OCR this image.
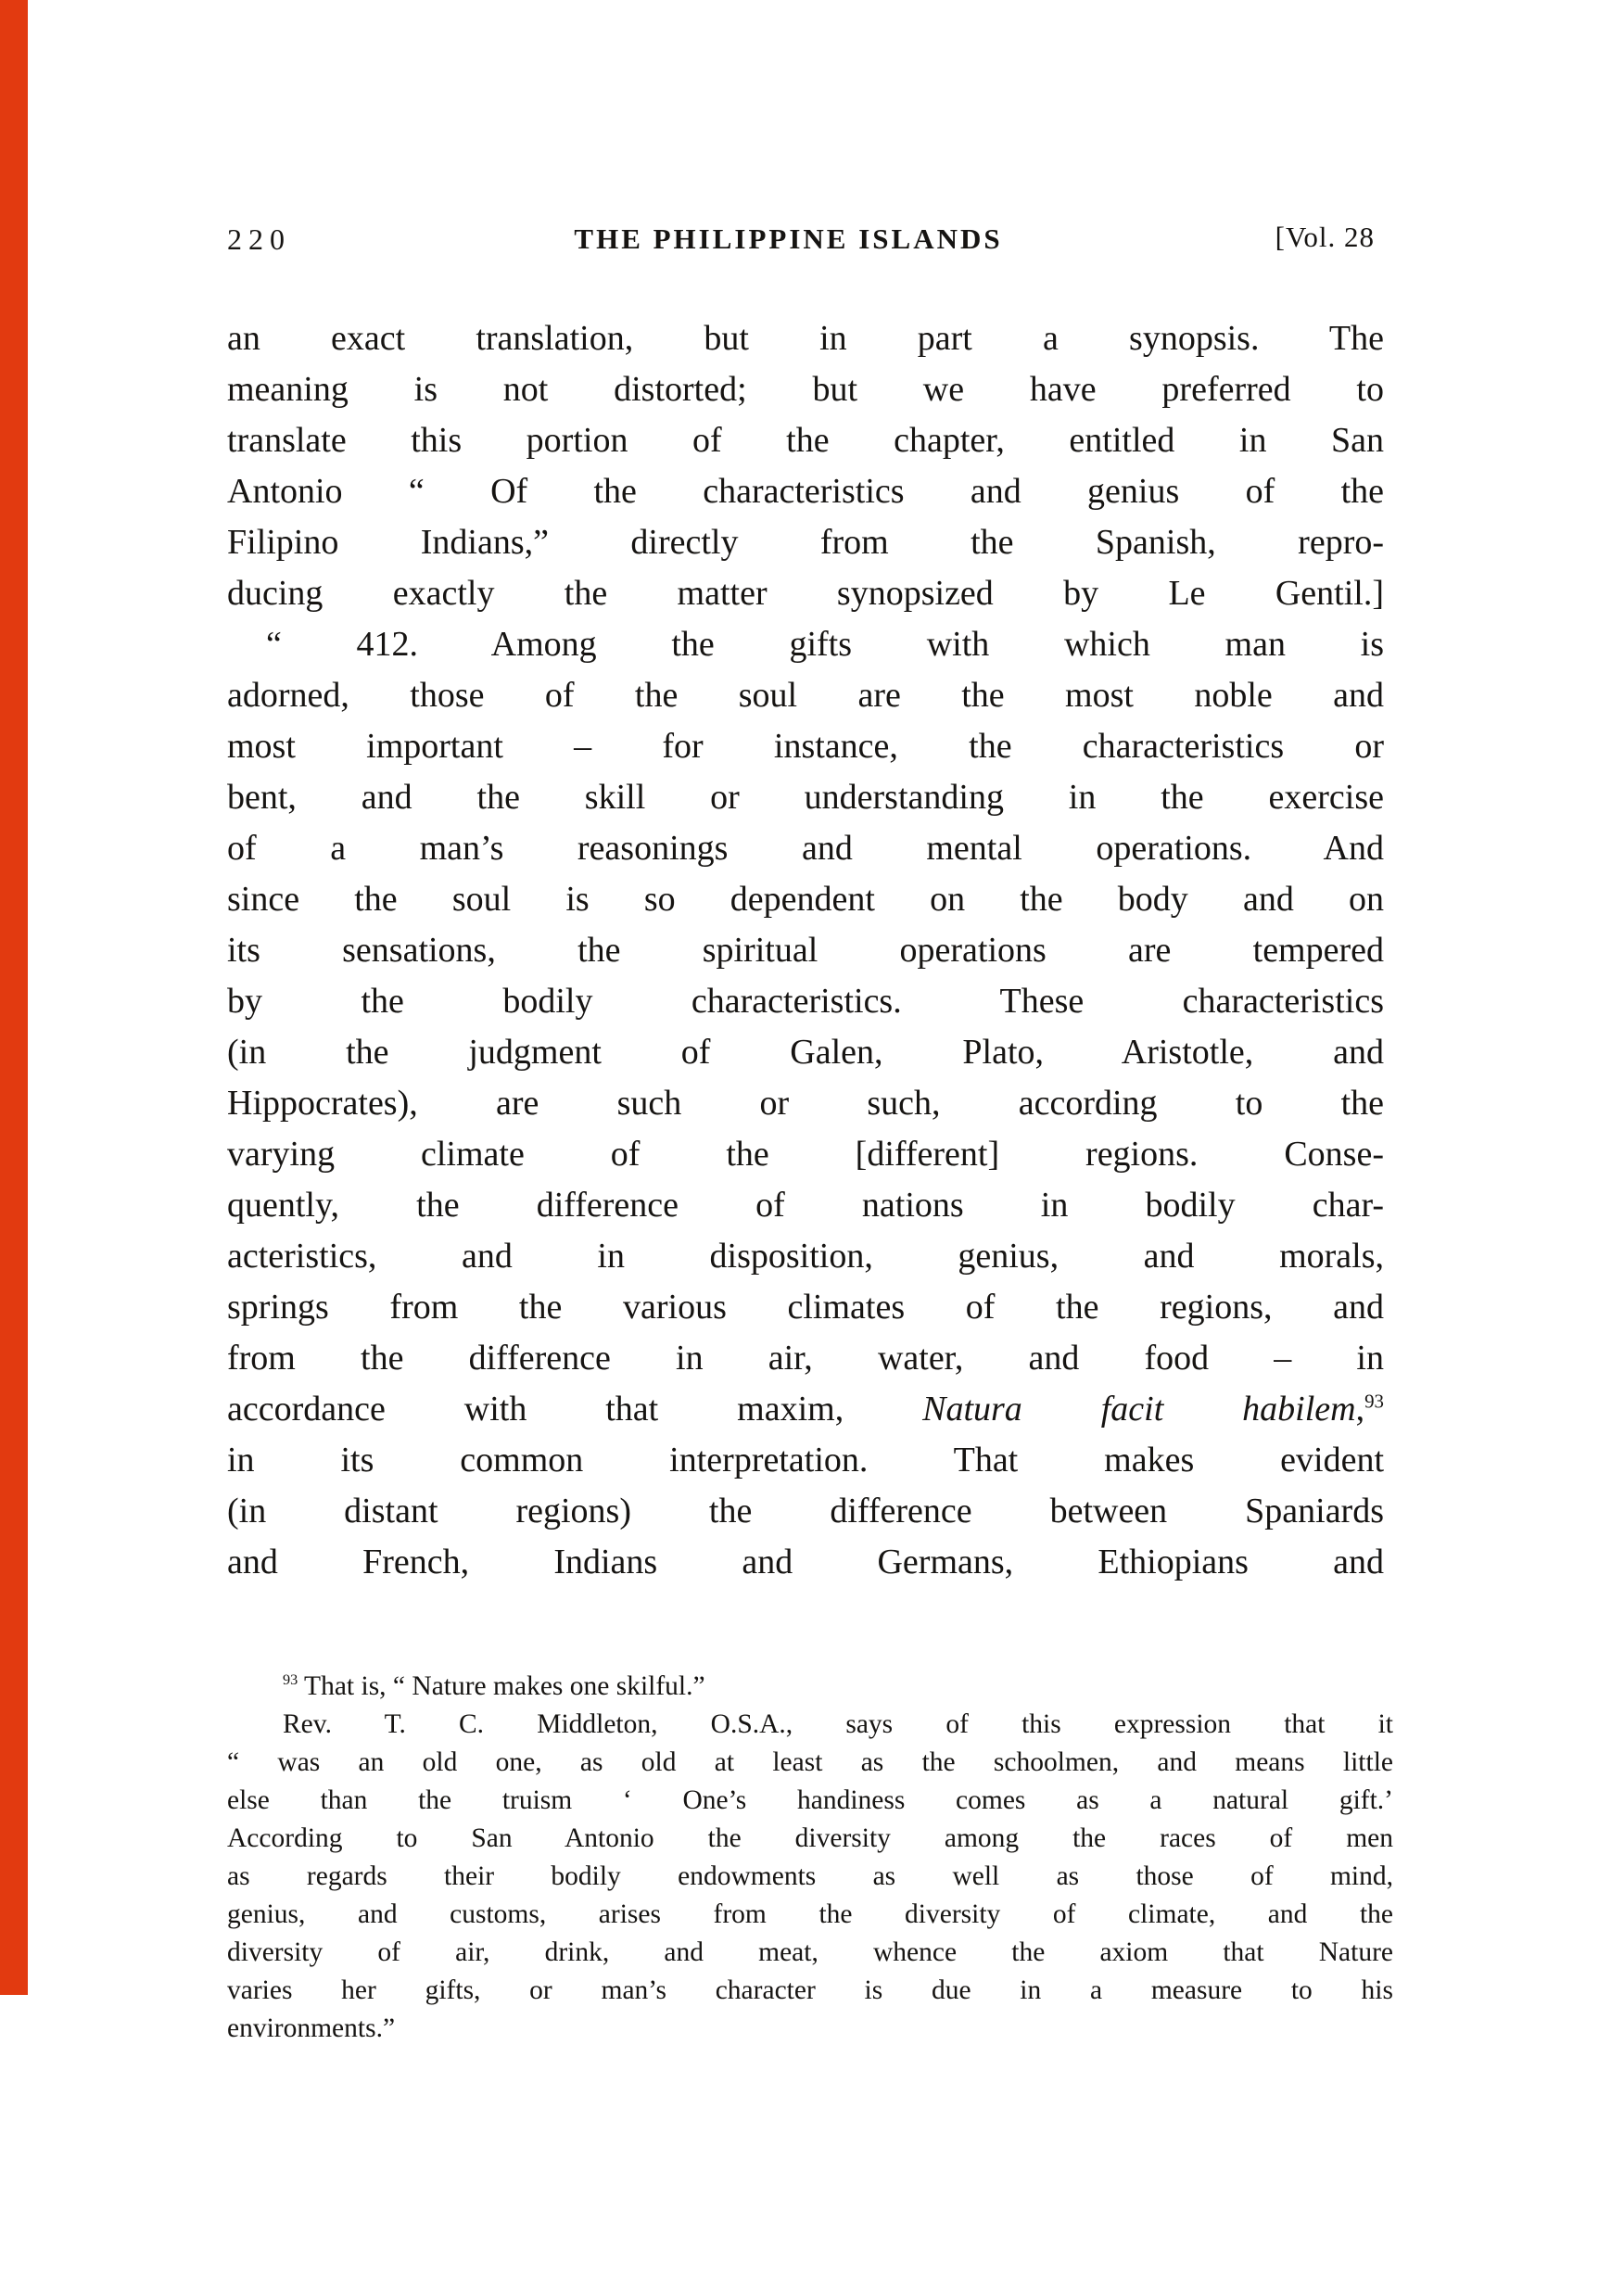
220	THE PHILIPPINE ISLANDS	[Vol. 28
an exact translation, but in part a synopsis. The
meaning is not distorted; but we have preferred to
translate this portion of the chapter, entitled in San
Antonio “ Of the characteristics and genius of the
Filipino Indians,” directly from the Spanish, repro-
ducing exactly the matter synopsized by Le Gentil.]
“ 412. Among the gifts with which man is
adorned, those of the soul are the most noble and
most important – for instance, the characteristics or
bent, and the skill or understanding in the exercise
of a man’s reasonings and mental operations. And
since the soul is so dependent on the body and on
its sensations, the spiritual operations are tempered
by the bodily characteristics. These characteristics
(in the judgment of Galen, Plato, Aristotle, and
Hippocrates), are such or such, according to the
varying climate of the [different] regions. Conse-
quently, the difference of nations in bodily char-
acteristics, and in disposition, genius, and morals,
springs from the various climates of the regions, and
from the difference in air, water, and food – in
accordance with that maxim, Natura facit habilem,$^{93}$
in its common interpretation. That makes evident
(in distant regions) the difference between Spaniards
and French, Indians and Germans, Ethiopians and
$^{93}$ That is, “ Nature makes one skilful.”
Rev. T. C. Middleton, O.S.A., says of this expression that it
“ was an old one, as old at least as the schoolmen, and means little
else than the truism ‘ One’s handiness comes as a natural gift.’
According to San Antonio the diversity among the races of men
as regards their bodily endowments as well as those of mind,
genius, and customs, arises from the diversity of climate, and the
diversity of air, drink, and meat, whence the axiom that Nature
varies her gifts, or man’s character is due in a measure to his
environments.”
